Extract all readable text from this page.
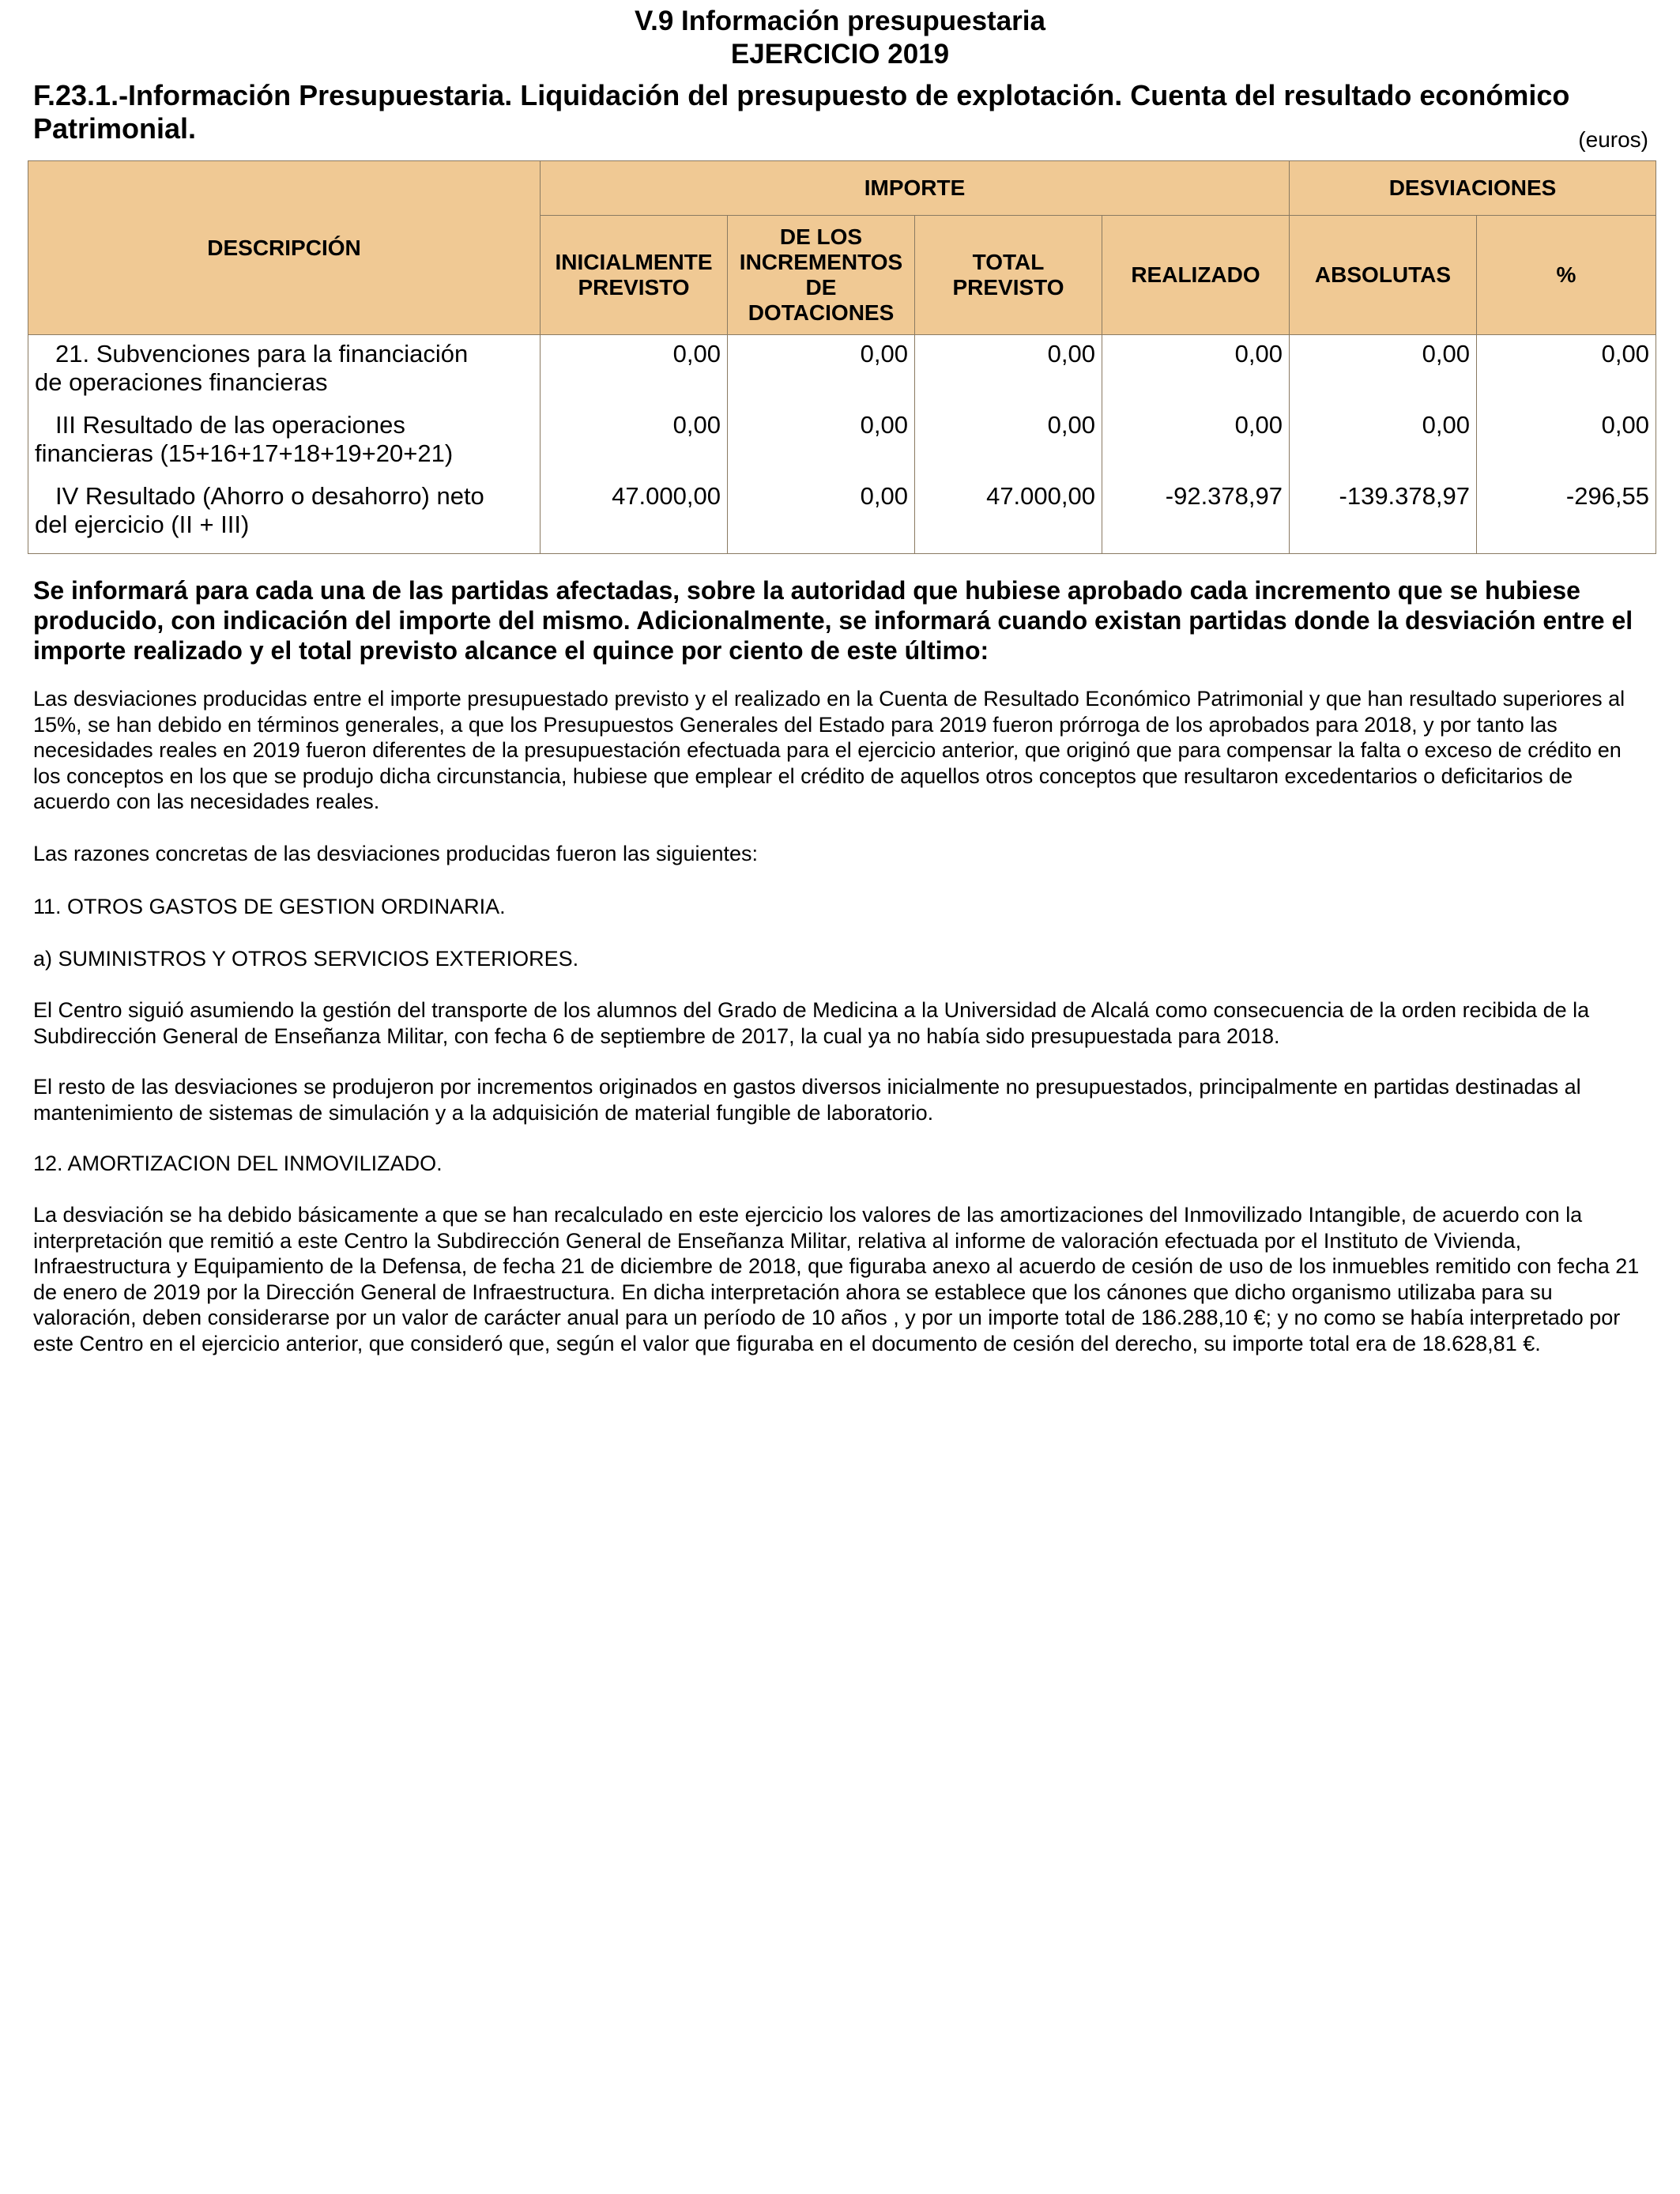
V.9 Información presupuestaria
EJERCICIO 2019
F.23.1.-Información Presupuestaria. Liquidación del presupuesto de explotación. Cuenta del resultado económico Patrimonial.	(euros)
DESCRIPCIÓN	IMPORTE				DESVIACIONES	
	INICIALMENTE PREVISTO	DE LOS INCREMENTOS DE DOTACIONES	TOTAL PREVISTO	REALIZADO	ABSOLUTAS	%

21. Subvenciones para la financiación
de operaciones financieras	0,00	0,00	0,00	0,00	0,00	0,00

III Resultado de las operaciones
financieras (15+16+17+18+19+20+21)	0,00	0,00	0,00	0,00	0,00	0,00

IV Resultado (Ahorro o desahorro) neto
del ejercicio (II + III)	47.000,00	0,00	47.000,00	-92.378,97	-139.378,97	-296,55
Se informará para cada una de las partidas afectadas, sobre la autoridad que hubiese aprobado cada incremento que se hubiese producido, con indicación del importe del mismo. Adicionalmente, se informará cuando existan partidas donde la desviación entre el importe realizado y el total previsto alcance el quince por ciento de este último:
Las desviaciones producidas entre el importe presupuestado previsto y el realizado en la Cuenta de Resultado Económico Patrimonial y que han resultado superiores al 15%, se han debido en términos generales, a que los Presupuestos Generales del Estado para 2019 fueron prórroga de los aprobados para 2018, y por tanto las necesidades reales en 2019 fueron diferentes de la presupuestación efectuada para el ejercicio anterior, que originó que para compensar la falta o exceso de crédito en los conceptos en los que se produjo dicha circunstancia, hubiese que emplear el crédito de aquellos otros conceptos que resultaron excedentarios o deficitarios de acuerdo con las necesidades reales.
Las razones concretas de las desviaciones producidas fueron las siguientes:
11. OTROS GASTOS DE GESTION ORDINARIA.
a) SUMINISTROS Y OTROS SERVICIOS EXTERIORES.
El Centro siguió asumiendo la gestión del transporte de los alumnos del Grado de Medicina a la Universidad de Alcalá como consecuencia de la orden recibida de la Subdirección General de Enseñanza Militar, con fecha 6 de septiembre de 2017, la cual ya no había sido presupuestada para 2018.
El resto de las desviaciones se produjeron por incrementos originados en gastos diversos inicialmente no presupuestados, principalmente en partidas destinadas al mantenimiento de sistemas de simulación y a la adquisición de material fungible de laboratorio.
12. AMORTIZACION DEL INMOVILIZADO.
La desviación se ha debido básicamente a que se han recalculado en este ejercicio los valores de las amortizaciones del Inmovilizado Intangible, de acuerdo con la interpretación que remitió a este Centro la Subdirección General de Enseñanza Militar, relativa al informe de valoración efectuada por el Instituto de Vivienda, Infraestructura y Equipamiento de la Defensa, de fecha 21 de diciembre de 2018, que figuraba anexo al acuerdo de cesión de uso de los inmuebles remitido con fecha 21 de enero de 2019 por la Dirección General de Infraestructura. En dicha interpretación ahora se establece que los cánones que dicho organismo utilizaba para su valoración, deben considerarse por un valor de carácter anual para un período de 10 años , y por un importe total de 186.288,10 €; y no como se había interpretado por este Centro en el ejercicio anterior, que consideró que, según el valor que figuraba en el documento de cesión del derecho, su importe total era de 18.628,81 €.
